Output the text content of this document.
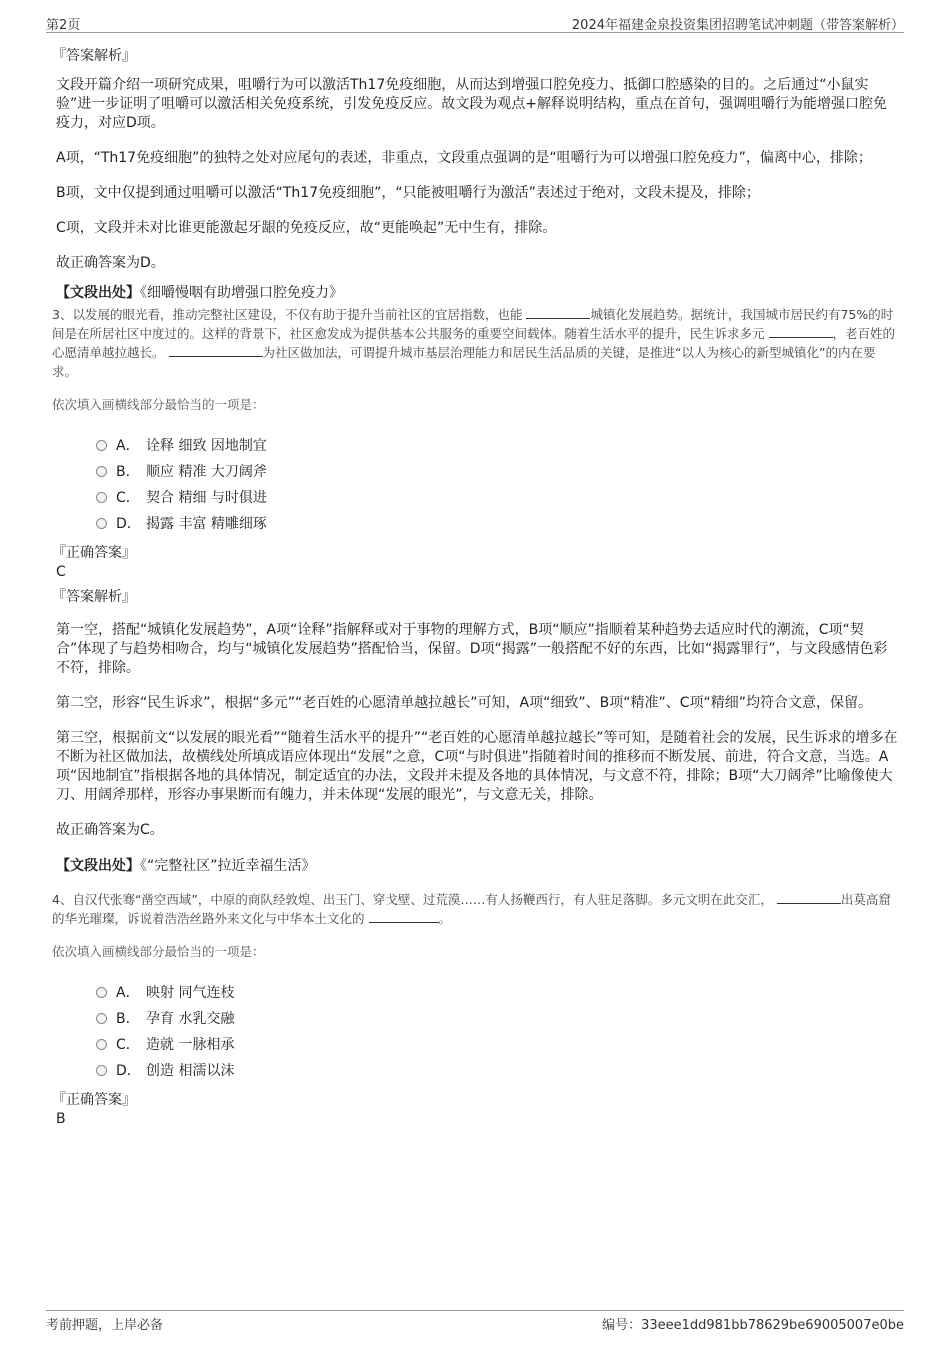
第2页	2024年福建金泉投资集团招聘笔试冲刺题（带答案解析）
『答案解析』

文段开篇介绍一项研究成果，咀嚼行为可以激活Th17免疫细胞，从而达到增强口腔免疫力、抵御口腔感染的目的。之后通过“小鼠实验”进一步证明了咀嚼可以激活相关免疫系统，引发免疫反应。故文段为观点+解释说明结构，重点在首句，强调咀嚼行为能增强口腔免疫力，对应D项。

A项，“Th17免疫细胞”的独特之处对应尾句的表述，非重点，文段重点强调的是“咀嚼行为可以增强口腔免疫力”，偏离中心，排除；

B项，文中仅提到通过咀嚼可以激活“Th17免疫细胞”，“只能被咀嚼行为激活”表述过于绝对，文段未提及，排除；

C项，文段并未对比谁更能激起牙龈的免疫反应，故“更能唤起”无中生有，排除。

故正确答案为D。

【文段出处】《细嚼慢咽有助增强口腔免疫力》
3、以发展的眼光看，推动完整社区建设，不仅有助于提升当前社区的宜居指数，也能	城镇化发展趋势。据统计，我国城市居民约有75%的时间是在所居社区中度过的。这样的背景下，社区愈发成为提供基本公共服务的重要空间载体。随着生活水平的提升，民生诉求多元	，老百姓的心愿清单越拉越长。	为社区做加法，可谓提升城市基层治理能力和居民生活品质的关键，是推进“以人为核心的新型城镇化”的内在要求。
依次填入画横线部分最恰当的一项是：
A． 诠释 细致 因地制宜
B． 顺应 精准 大刀阔斧
C． 契合 精细 与时俱进
D． 揭露 丰富 精雕细琢
『正确答案』
C
『答案解析』

第一空，搭配“城镇化发展趋势”，A项“诠释”指解释或对于事物的理解方式，B项“顺应”指顺着某种趋势去适应时代的潮流，C项“契合”体现了与趋势相吻合，均与“城镇化发展趋势”搭配恰当，保留。D项“揭露”一般搭配不好的东西，比如“揭露罪行”，与文段感情色彩不符，排除。

第二空，形容“民生诉求”，根据“多元”“老百姓的心愿清单越拉越长”可知，A项“细致”、B项“精准”、C项“精细”均符合文意，保留。

第三空，根据前文“以发展的眼光看”“随着生活水平的提升”“老百姓的心愿清单越拉越长”等可知，是随着社会的发展，民生诉求的增多在不断为社区做加法，故横线处所填成语应体现出“发展”之意，C项“与时俱进”指随着时间的推移而不断发展、前进，符合文意，当选。A项“因地制宜”指根据各地的具体情况，制定适宜的办法，文段并未提及各地的具体情况，与文意不符，排除；B项“大刀阔斧”比喻像使大刀、用阔斧那样，形容办事果断而有魄力，并未体现“发展的眼光”，与文意无关，排除。

故正确答案为C。

【文段出处】《“完整社区”拉近幸福生活》
4、自汉代张骞“凿空西域”，中原的商队经敦煌、出玉门、穿戈壁、过荒漠……有人扬鞭西行，有人驻足落脚。多元文明在此交汇，	出莫高窟的华光璀璨，诉说着浩浩丝路外来文化与中华本土文化的	。
依次填入画横线部分最恰当的一项是：
A． 映射 同气连枝
B． 孕育 水乳交融
C． 造就 一脉相承
D． 创造 相濡以沫
『正确答案』
B
考前押题，上岸必备	编号：33eee1dd981bb78629be69005007e0be
